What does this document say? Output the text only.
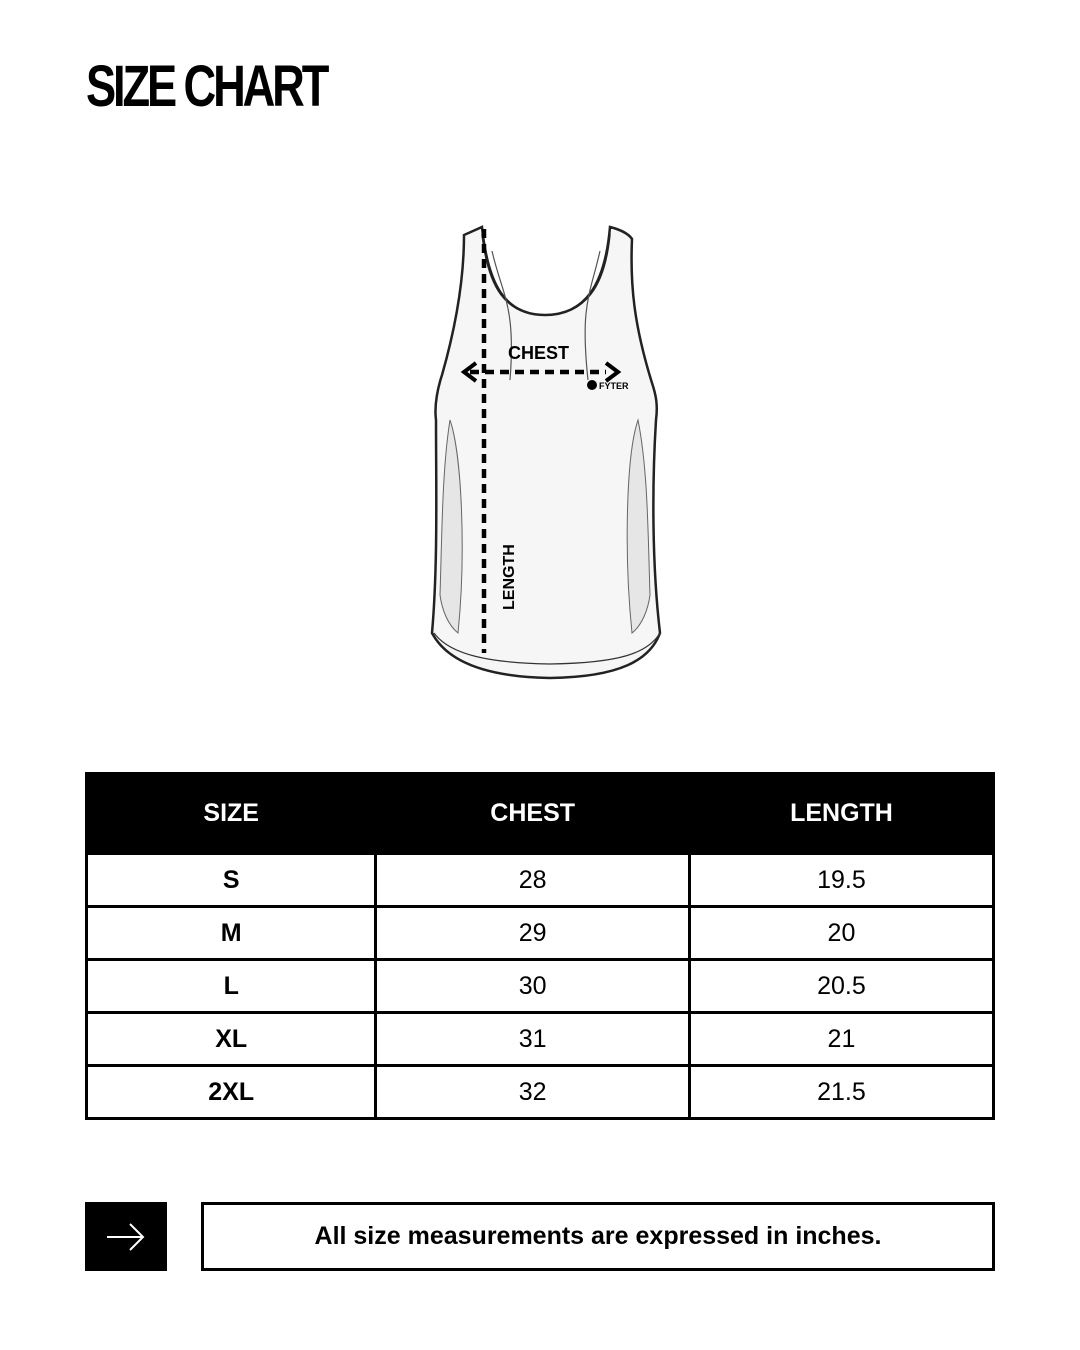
SIZE CHART
CHEST
LENGTH
FYTER
SIZE	CHEST	LENGTH
S	28	19.5
M	29	20
L	30	20.5
XL	31	21
2XL	32	21.5
All size measurements are expressed in inches.
